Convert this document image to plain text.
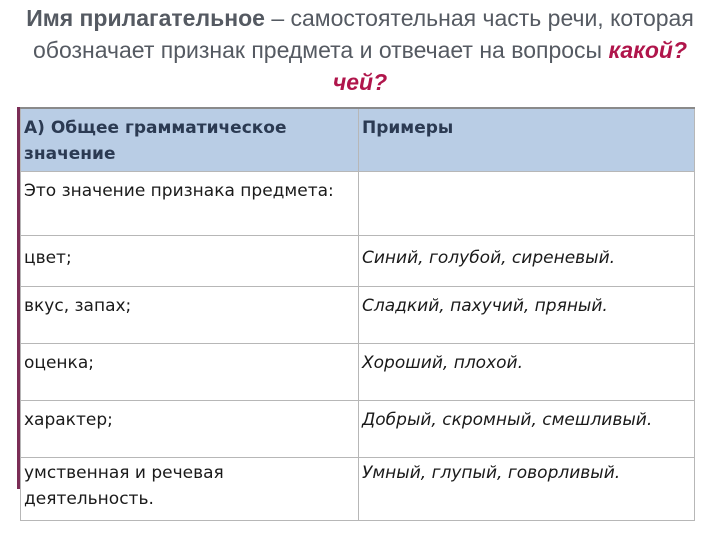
Имя прилагательное – самостоятельная часть речи, которая обозначает признак предмета и отвечает на вопросы какой? чей?
А) Общее грамматическое значение	Примеры
Это значение признака предмета:	
цвет;	Синий, голубой, сиреневый.
вкус, запах;	Сладкий, пахучий, пряный.
оценка;	Хороший, плохой.
характер;	Добрый, скромный, смешливый.
умственная и речевая деятельность.	Умный, глупый, говорливый.
